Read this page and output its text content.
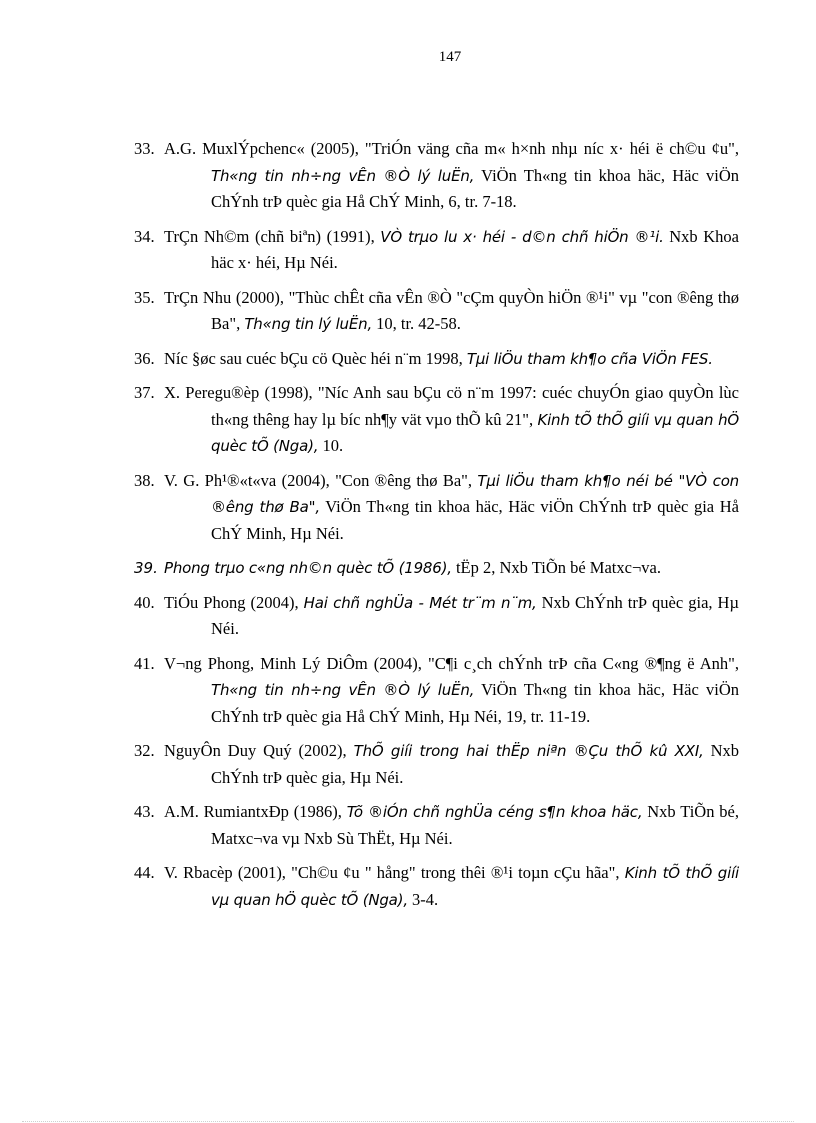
147

33. A.G. MuxlÝpchenc« (2005), "TriÓn väng cña m« h×nh nhµ níc x· héi ë ch©u ¢u", Th«ng tin nh÷ng vÊn ®Ò lý luËn, ViÖn Th«ng tin khoa häc, Häc viÖn ChÝnh trÞ quèc gia Hå ChÝ Minh, 6, tr. 7-18.

34. TrÇn Nh©m (chñ biªn) (1991), VÒ trµo lu x· héi - d©n chñ hiÖn ®¹i. Nxb Khoa häc x· héi, Hµ Néi.

35. TrÇn Nhu (2000), "Thùc chÊt cña vÊn ®Ò "cÇm quyÒn hiÖn ®¹i" vµ "con ®êng thø Ba", Th«ng tin lý luËn, 10, tr. 42-58.

36. Níc §øc sau cuéc bÇu cö Quèc héi n¨m 1998, Tµi liÖu tham kh¶o cña ViÖn FES.

37. X. Peregu®èp (1998), "Níc Anh sau bÇu cö n¨m 1997: cuéc chuyÓn giao quyÒn lùc th«ng thêng hay lµ bíc nh¶y vät vµo thÕ kû 21", Kinh tÕ thÕ giíi vµ quan hÖ quèc tÕ (Nga), 10.

38. V. G. Ph¹®«t«va (2004), "Con ®êng thø Ba", Tµi liÖu tham kh¶o néi bé "VÒ con ®êng thø Ba", ViÖn Th«ng tin khoa häc, Häc viÖn ChÝnh trÞ quèc gia Hå ChÝ Minh, Hµ Néi.

39. Phong trµo c«ng nh©n quèc tÕ (1986), tËp 2, Nxb TiÕn bé Matxc¬va.

40. TiÓu Phong (2004), Hai chñ nghÜa - Mét tr¨m n¨m, Nxb ChÝnh trÞ quèc gia, Hµ Néi.

41. V¬ng Phong, Minh Lý DiÔm (2004), "C¶i c¸ch chÝnh trÞ cña C«ng ®¶ng ë Anh", Th«ng tin nh÷ng vÊn ®Ò lý luËn, ViÖn Th«ng tin khoa häc, Häc viÖn ChÝnh trÞ quèc gia Hå ChÝ Minh, Hµ Néi, 19, tr. 11-19.

32. NguyÔn Duy Quý (2002), ThÕ giíi trong hai thËp niªn ®Çu thÕ kû XXI, Nxb ChÝnh trÞ quèc gia, Hµ Néi.

43. A.M. RumiantxÐp (1986), Tõ ®iÓn chñ nghÜa céng s¶n khoa häc, Nxb TiÕn bé, Matxc¬va vµ Nxb Sù ThËt, Hµ Néi.

44. V. Rbacèp (2001), "Ch©u ¢u " hång" trong thêi ®¹i toµn cÇu hãa", Kinh tÕ thÕ giíi vµ quan hÖ quèc tÕ (Nga), 3-4.
